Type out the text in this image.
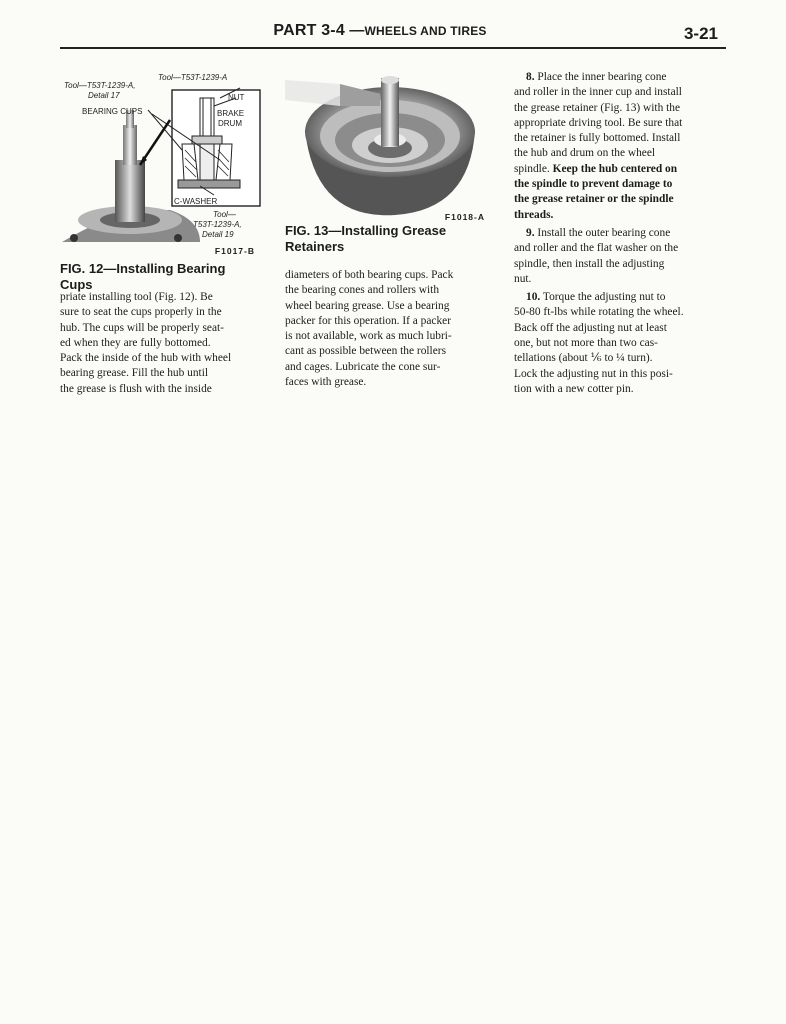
PART 3-4 —WHEELS AND TIRES	3-21
Tool—T53T-1239-A,
Detail 17
Tool—T53T-1239-A
BEARING CUPS
NUT
BRAKE
DRUM
C-WASHER
Tool—
T53T-1239-A,
Detail 19
F1017-B
FIG. 12—Installing Bearing Cups
F1018-A
FIG. 13—Installing Grease
Retainers
priate installing tool (Fig. 12). Be
sure to seat the cups properly in the
hub. The cups will be properly seat-
ed when they are fully bottomed.
Pack the inside of the hub with wheel
bearing grease. Fill the hub until
the grease is flush with the inside
diameters of both bearing cups. Pack
the bearing cones and rollers with
wheel bearing grease. Use a bearing
packer for this operation. If a packer
is not available, work as much lubri-
cant as possible between the rollers
and cages. Lubricate the cone sur-
faces with grease.
8. Place the inner bearing cone
and roller in the inner cup and install
the grease retainer (Fig. 13) with the
appropriate driving tool. Be sure that
the retainer is fully bottomed. Install
the hub and drum on the wheel
spindle. Keep the hub centered on
the spindle to prevent damage to
the grease retainer or the spindle
threads.
9. Install the outer bearing cone
and roller and the flat washer on the
spindle, then install the adjusting
nut.
10. Torque the adjusting nut to
50-80 ft-lbs while rotating the wheel.
Back off the adjusting nut at least
one, but not more than two cas-
tellations (about ⅙ to ¼ turn).
Lock the adjusting nut in this posi-
tion with a new cotter pin.
